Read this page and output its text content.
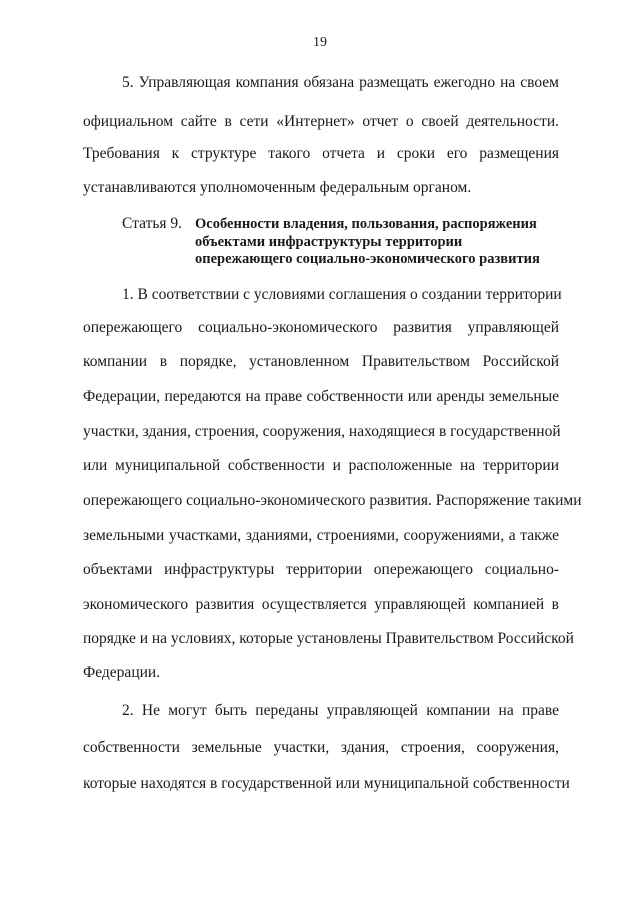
19
5. Управляющая компания обязана размещать ежегодно на своем
официальном сайте в сети «Интернет» отчет о своей деятельности.
Требования к структуре такого отчета и сроки его размещения
устанавливаются уполномоченным федеральным органом.
Статья 9. Особенности владения, пользования, распоряжения
объектами инфраструктуры территории
опережающего социально-экономического развития
1. В соответствии с условиями соглашения о создании территории
опережающего социально-экономического развития управляющей
компании в порядке, установленном Правительством Российской
Федерации, передаются на праве собственности или аренды земельные
участки, здания, строения, сооружения, находящиеся в государственной
или муниципальной собственности и расположенные на территории
опережающего социально-экономического развития. Распоряжение такими
земельными участками, зданиями, строениями, сооружениями, а также
объектами инфраструктуры территории опережающего социально-
экономического развития осуществляется управляющей компанией в
порядке и на условиях, которые установлены Правительством Российской
Федерации.
2. Не могут быть переданы управляющей компании на праве
собственности земельные участки, здания, строения, сооружения,
которые находятся в государственной или муниципальной собственности
